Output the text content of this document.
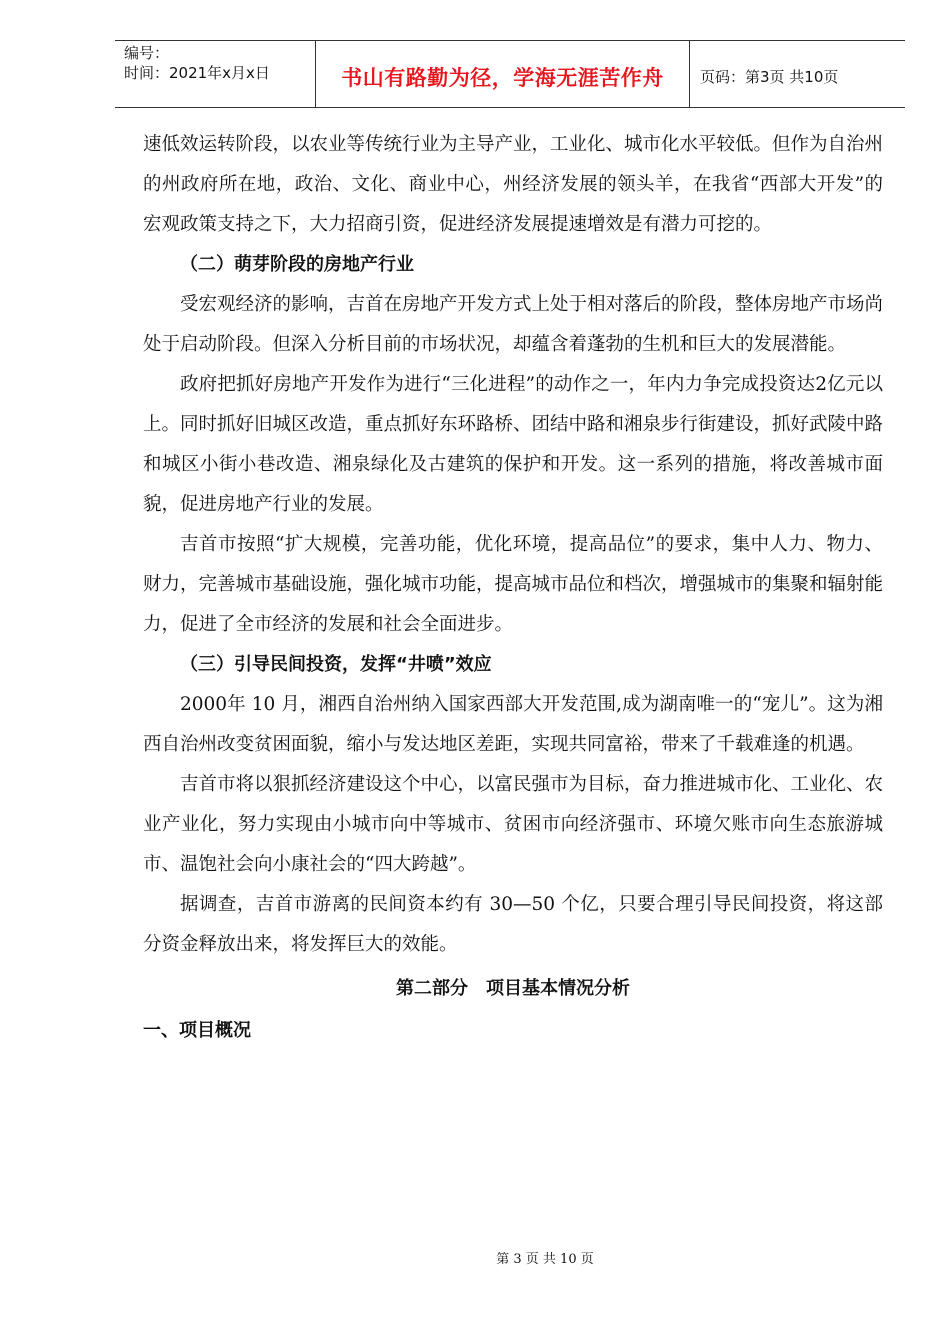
编号：
时间：2021年x月x日	书山有路勤为径，学海无涯苦作舟 页码：第3页 共10页

速低效运转阶段，以农业等传统行业为主导产业，工业化、城市化水平较低。但作为自治州的州政府所在地，政治、文化、商业中心，州经济发展的领头羊，在我省“西部大开发”的宏观政策支持之下，大力招商引资，促进经济发展提速增效是有潜力可挖的。

（二）萌芽阶段的房地产行业

受宏观经济的影响，吉首在房地产开发方式上处于相对落后的阶段，整体房地产市场尚处于启动阶段。但深入分析目前的市场状况，却蕴含着蓬勃的生机和巨大的发展潜能。

政府把抓好房地产开发作为进行“三化进程”的动作之一，年内力争完成投资达2亿元以上。同时抓好旧城区改造，重点抓好东环路桥、团结中路和湘泉步行街建设，抓好武陵中路和城区小街小巷改造、湘泉绿化及古建筑的保护和开发。这一系列的措施，将改善城市面貌，促进房地产行业的发展。

吉首市按照“扩大规模，完善功能，优化环境，提高品位”的要求，集中人力、物力、财力，完善城市基础设施，强化城市功能，提高城市品位和档次，增强城市的集聚和辐射能力，促进了全市经济的发展和社会全面进步。

（三）引导民间投资，发挥“井喷”效应

2000年 10 月，湘西自治州纳入国家西部大开发范围,成为湖南唯一的“宠儿”。这为湘西自治州改变贫困面貌，缩小与发达地区差距，实现共同富裕，带来了千载难逢的机遇。

吉首市将以狠抓经济建设这个中心，以富民强市为目标，奋力推进城市化、工业化、农业产业化，努力实现由小城市向中等城市、贫困市向经济强市、环境欠账市向生态旅游城市、温饱社会向小康社会的“四大跨越”。

据调查，吉首市游离的民间资本约有 30—50 个亿，只要合理引导民间投资，将这部分资金释放出来，将发挥巨大的效能。

第二部分　项目基本情况分析

一、项目概况

第 3 页 共 10 页
